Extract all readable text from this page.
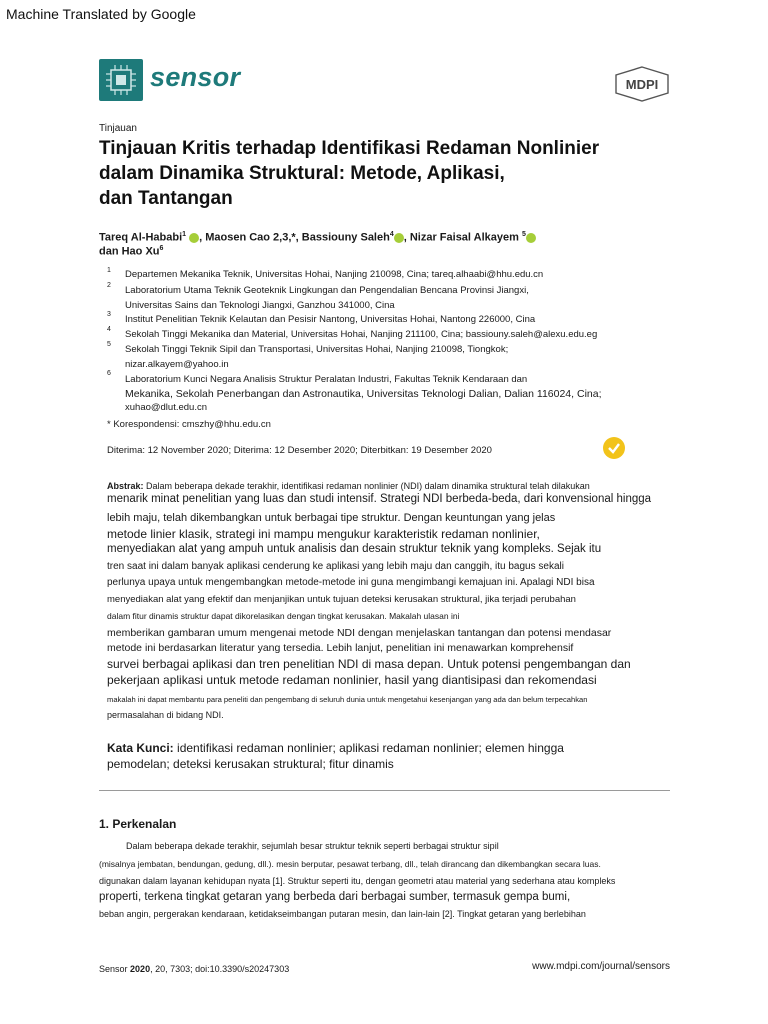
Machine Translated by Google
sensor	MDPI
Tinjauan
Tinjauan Kritis terhadap Identifikasi Redaman Nonlinier
dalam Dinamika Struktural: Metode, Aplikasi,
dan Tantangan
Tareq Al-Hababi$^1$ , Maosen Cao 2,3,*, Bassiouny Saleh$^4$ , Nizar Faisal Alkayem $^5$
dan Hao Xu$^6$
1 Departemen Mekanika Teknik, Universitas Hohai, Nanjing 210098, Cina; tareq.alhaabi@hhu.edu.cn
2 Laboratorium Utama Teknik Geoteknik Lingkungan dan Pengendalian Bencana Provinsi Jiangxi,
Universitas Sains dan Teknologi Jiangxi, Ganzhou 341000, Cina
3 Institut Penelitian Teknik Kelautan dan Pesisir Nantong, Universitas Hohai, Nantong 226000, Cina
4 Sekolah Tinggi Mekanika dan Material, Universitas Hohai, Nanjing 211100, Cina; bassiouny.saleh@alexu.edu.eg
5 Sekolah Tinggi Teknik Sipil dan Transportasi, Universitas Hohai, Nanjing 210098, Tiongkok;
nizar.alkayem@yahoo.in
6
Laboratorium Kunci Negara Analisis Struktur Peralatan Industri, Fakultas Teknik Kendaraan dan
Mekanika, Sekolah Penerbangan dan Astronautika, Universitas Teknologi Dalian, Dalian 116024, Cina;
xuhao@dlut.edu.cn
* Korespondensi: cmszhy@hhu.edu.cn
Diterima: 12 November 2020; Diterima: 12 Desember 2020; Diterbitkan: 19 Desember 2020
Abstrak: Dalam beberapa dekade terakhir, identifikasi redaman nonlinier (NDI) dalam dinamika struktural telah dilakukan
menarik minat penelitian yang luas dan studi intensif. Strategi NDI berbeda-beda, dari konvensional hingga
lebih maju, telah dikembangkan untuk berbagai tipe struktur. Dengan keuntungan yang jelas
metode linier klasik, strategi ini mampu mengukur karakteristik redaman nonlinier,
menyediakan alat yang ampuh untuk analisis dan desain struktur teknik yang kompleks. Sejak itu
tren saat ini dalam banyak aplikasi cenderung ke aplikasi yang lebih maju dan canggih, itu bagus sekali
perlunya upaya untuk mengembangkan metode-metode ini guna mengimbangi kemajuan ini. Apalagi NDI bisa
menyediakan alat yang efektif dan menjanjikan untuk tujuan deteksi kerusakan struktural, jika terjadi perubahan
dalam fitur dinamis struktur dapat dikorelasikan dengan tingkat kerusakan. Makalah ulasan ini
memberikan gambaran umum mengenai metode NDI dengan menjelaskan tantangan dan potensi mendasar
metode ini berdasarkan literatur yang tersedia. Lebih lanjut, penelitian ini menawarkan komprehensif
survei berbagai aplikasi dan tren penelitian NDI di masa depan. Untuk potensi pengembangan dan
pekerjaan aplikasi untuk metode redaman nonlinier, hasil yang diantisipasi dan rekomendasi
makalah ini dapat membantu para peneliti dan pengembang di seluruh dunia untuk mengetahui kesenjangan yang ada dan belum terpecahkan
permasalahan di bidang NDI.
Kata Kunci: identifikasi redaman nonlinier; aplikasi redaman nonlinier; elemen hingga
pemodelan; deteksi kerusakan struktural; fitur dinamis
1. Perkenalan
Dalam beberapa dekade terakhir, sejumlah besar struktur teknik seperti berbagai struktur sipil
(misalnya jembatan, bendungan, gedung, dll.). mesin berputar, pesawat terbang, dll., telah dirancang dan dikembangkan secara luas.
digunakan dalam layanan kehidupan nyata [1]. Struktur seperti itu, dengan geometri atau material yang sederhana atau kompleks
properti, terkena tingkat getaran yang berbeda dari berbagai sumber, termasuk gempa bumi,
beban angin, pergerakan kendaraan, ketidakseimbangan putaran mesin, dan lain-lain [2]. Tingkat getaran yang berlebihan
Sensor 2020, 20, 7303; doi:10.3390/s20247303	www.mdpi.com/journal/sensors
